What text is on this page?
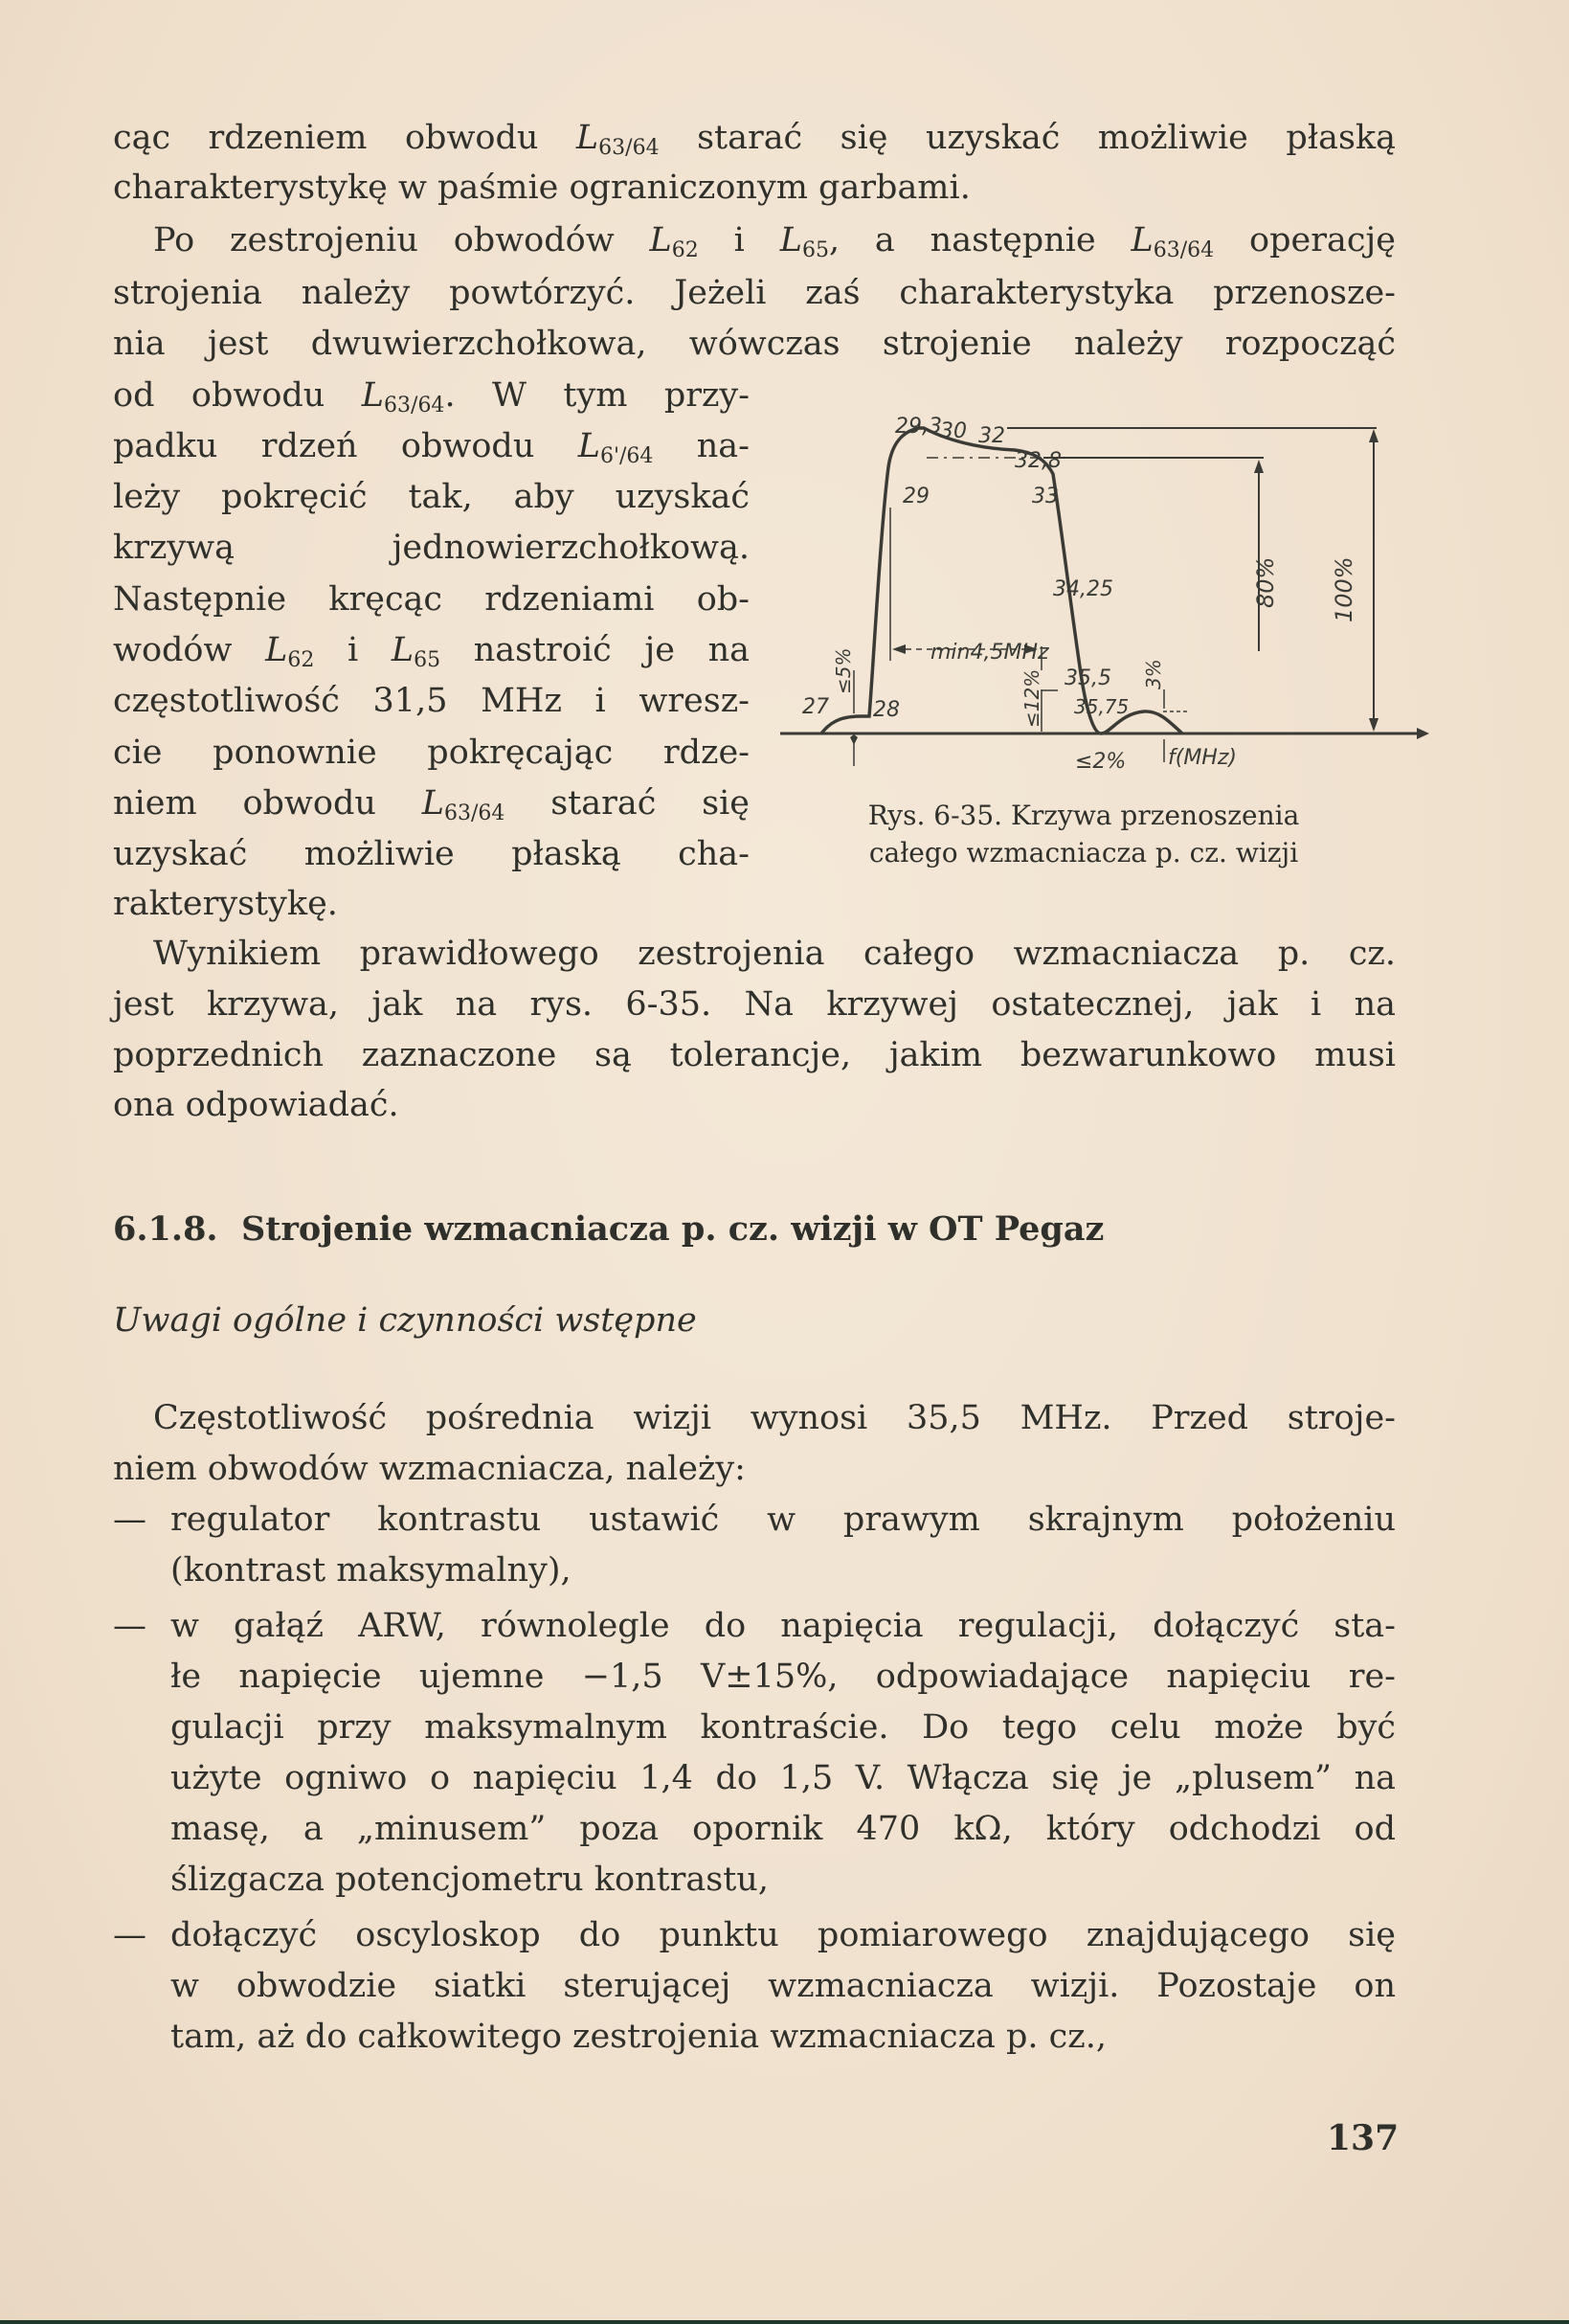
cąc rdzeniem obwodu $L_{63/64}$ starać się uzyskać możliwie płaską
charakterystykę w paśmie ograniczonym garbami.
Po zestrojeniu obwodów $L_{62}$ i $L_{65}$, a następnie $L_{63/64}$ operację
strojenia należy powtórzyć. Jeżeli zaś charakterystyka przenosze-
nia jest dwuwierzchołkowa, wówczas strojenie należy rozpocząć
od obwodu $L_{63/64}$. W tym przy-
padku rdzeń obwodu $L_{6'/64}$ na-
leży pokręcić tak, aby uzyskać
krzywą jednowierzchołkową.
Następnie kręcąc rdzeniami ob-
wodów $L_{62}$ i $L_{65}$ nastroić je na
częstotliwość 31,5 MHz i wresz-
cie ponownie pokręcając rdze-
niem obwodu $L_{63/64}$ starać się
uzyskać możliwie płaską cha-
rakterystykę.
29,3
30 32
32,8
29	33
34,25
35,5
35,75
27 28
min4,5MHz
80% 100%
≤5%	≤12%
≤2%
3%
f(MHz)
Rys. 6-35. Krzywa przenoszenia
całego wzmacniacza p. cz. wizji
Wynikiem prawidłowego zestrojenia całego wzmacniacza p. cz.
jest krzywa, jak na rys. 6-35. Na krzywej ostatecznej, jak i na
poprzednich zaznaczone są tolerancje, jakim bezwarunkowo musi
ona odpowiadać.
6.1.8. Strojenie wzmacniacza p. cz. wizji w OT Pegaz
Uwagi ogólne i czynności wstępne
Częstotliwość pośrednia wizji wynosi 35,5 MHz. Przed stroje-
niem obwodów wzmacniacza, należy:
— regulator kontrastu ustawić w prawym skrajnym położeniu
(kontrast maksymalny),
— w gałąź ARW, równolegle do napięcia regulacji, dołączyć sta-
łe napięcie ujemne −1,5 V±15%, odpowiadające napięciu re-
gulacji przy maksymalnym kontraście. Do tego celu może być
użyte ogniwo o napięciu 1,4 do 1,5 V. Włącza się je „plusem” na
masę, a „minusem” poza opornik 470 kΩ, który odchodzi od
ślizgacza potencjometru kontrastu,
— dołączyć oscyloskop do punktu pomiarowego znajdującego się
w obwodzie siatki sterującej wzmacniacza wizji. Pozostaje on
tam, aż do całkowitego zestrojenia wzmacniacza p. cz.,
137
